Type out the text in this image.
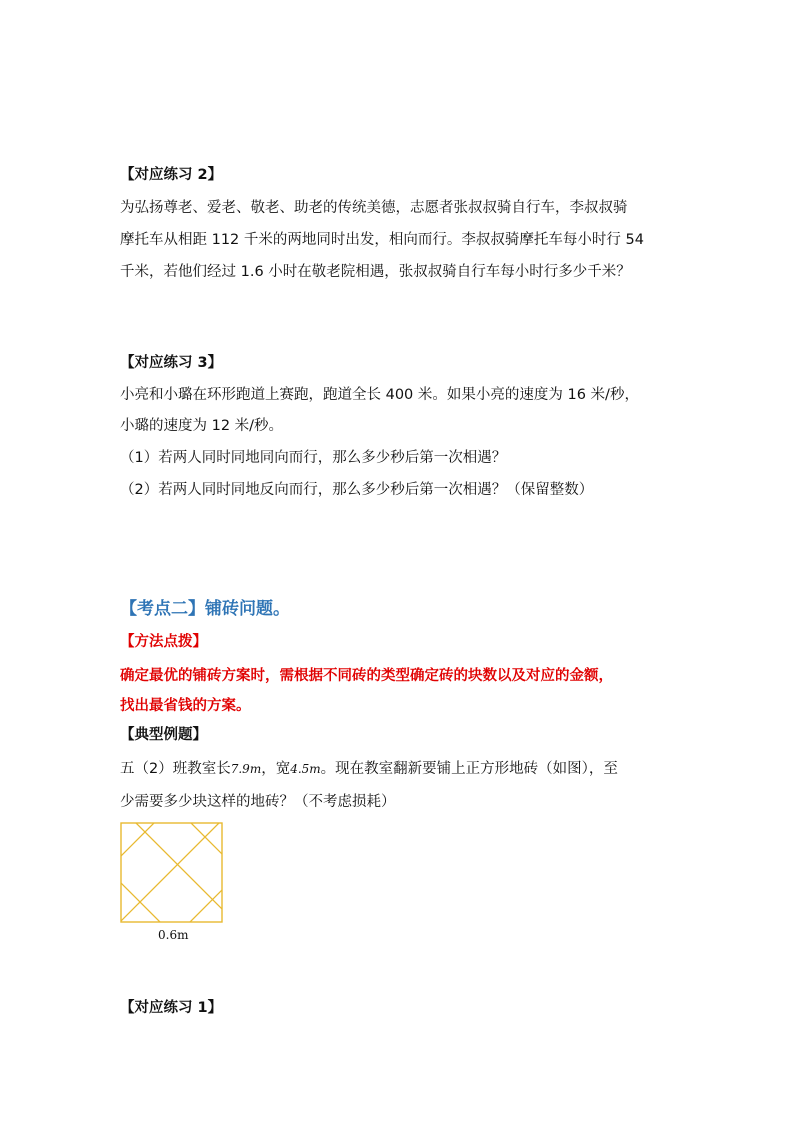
【对应练习 2】
为弘扬尊老、爱老、敬老、助老的传统美德，志愿者张叔叔骑自行车，李叔叔骑
摩托车从相距 112 千米的两地同时出发，相向而行。李叔叔骑摩托车每小时行 54
千米，若他们经过 1.6 小时在敬老院相遇，张叔叔骑自行车每小时行多少千米？
【对应练习 3】
小亮和小璐在环形跑道上赛跑，跑道全长 400 米。如果小亮的速度为 16 米/秒，
小璐的速度为 12 米/秒。
（1）若两人同时同地同向而行，那么多少秒后第一次相遇？
（2）若两人同时同地反向而行，那么多少秒后第一次相遇？（保留整数）
【考点二】铺砖问题。
【方法点拨】
确定最优的铺砖方案时，需根据不同砖的类型确定砖的块数以及对应的金额，
找出最省钱的方案。
【典型例题】
五（2）班教室长7.9m，宽4.5m。现在教室翻新要铺上正方形地砖（如图），至
少需要多少块这样的地砖？（不考虑损耗）
0.6m
【对应练习 1】
